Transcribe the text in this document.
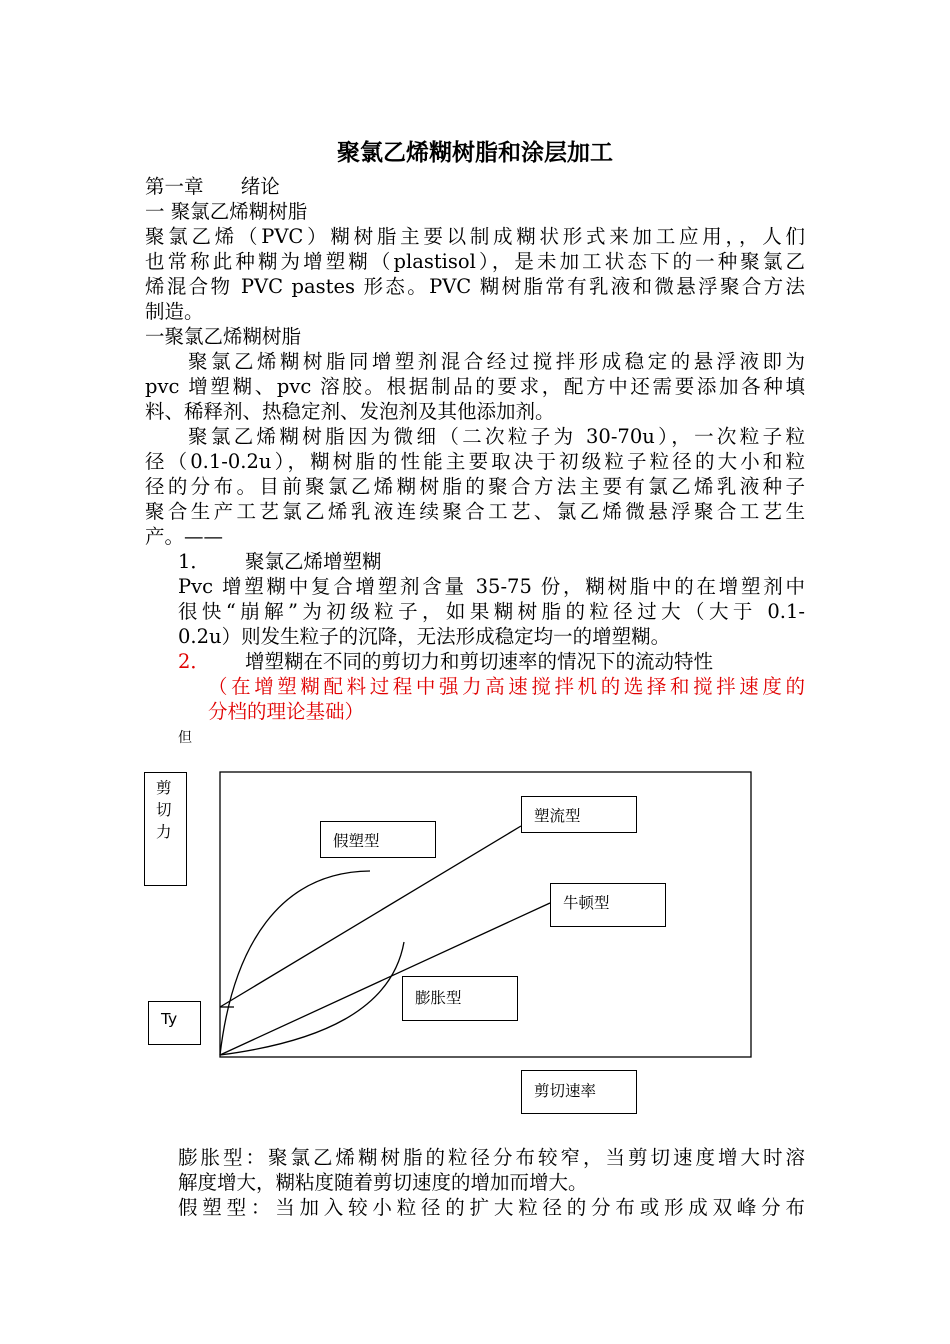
聚氯乙烯糊树脂和涂层加工
第一章      绪论
一 聚氯乙烯糊树脂
聚氯乙烯（PVC）糊树脂主要以制成糊状形式来加工应用，，人们
也常称此种糊为增塑糊（plastisol），是未加工状态下的一种聚氯乙
烯混合物 PVC pastes 形态。PVC 糊树脂常有乳液和微悬浮聚合方法
制造。
一聚氯乙烯糊树脂
聚氯乙烯糊树脂同增塑剂混合经过搅拌形成稳定的悬浮液即为
pvc 增塑糊、pvc 溶胶。根据制品的要求，配方中还需要添加各种填
料、稀释剂、热稳定剂、发泡剂及其他添加剂。
聚氯乙烯糊树脂因为微细（二次粒子为 30-70u），一次粒子粒
径（0.1-0.2u），糊树脂的性能主要取决于初级粒子粒径的大小和粒
径的分布。目前聚氯乙烯糊树脂的聚合方法主要有氯乙烯乳液种子
聚合生产工艺氯乙烯乳液连续聚合工艺、氯乙烯微悬浮聚合工艺生
产。——
1． 聚氯乙烯增塑糊
Pvc 增塑糊中复合增塑剂含量 35-75 份，糊树脂中的在增塑剂中
很快“崩解”为初级粒子，如果糊树脂的粒径过大（大于 0.1-
0.2u）则发生粒子的沉降，无法形成稳定均一的增塑糊。
2． 增塑糊在不同的剪切力和剪切速率的情况下的流动特性
（在增塑糊配料过程中强力高速搅拌机的选择和搅拌速度的
分档的理论基础）
但
剪切力
Ty
假塑型
塑流型
牛顿型
膨胀型
剪切速率
膨胀型：聚氯乙烯糊树脂的粒径分布较窄，当剪切速度增大时溶
解度增大，糊粘度随着剪切速度的增加而增大。
假塑型：当加入较小粒径的扩大粒径的分布或形成双峰分布
